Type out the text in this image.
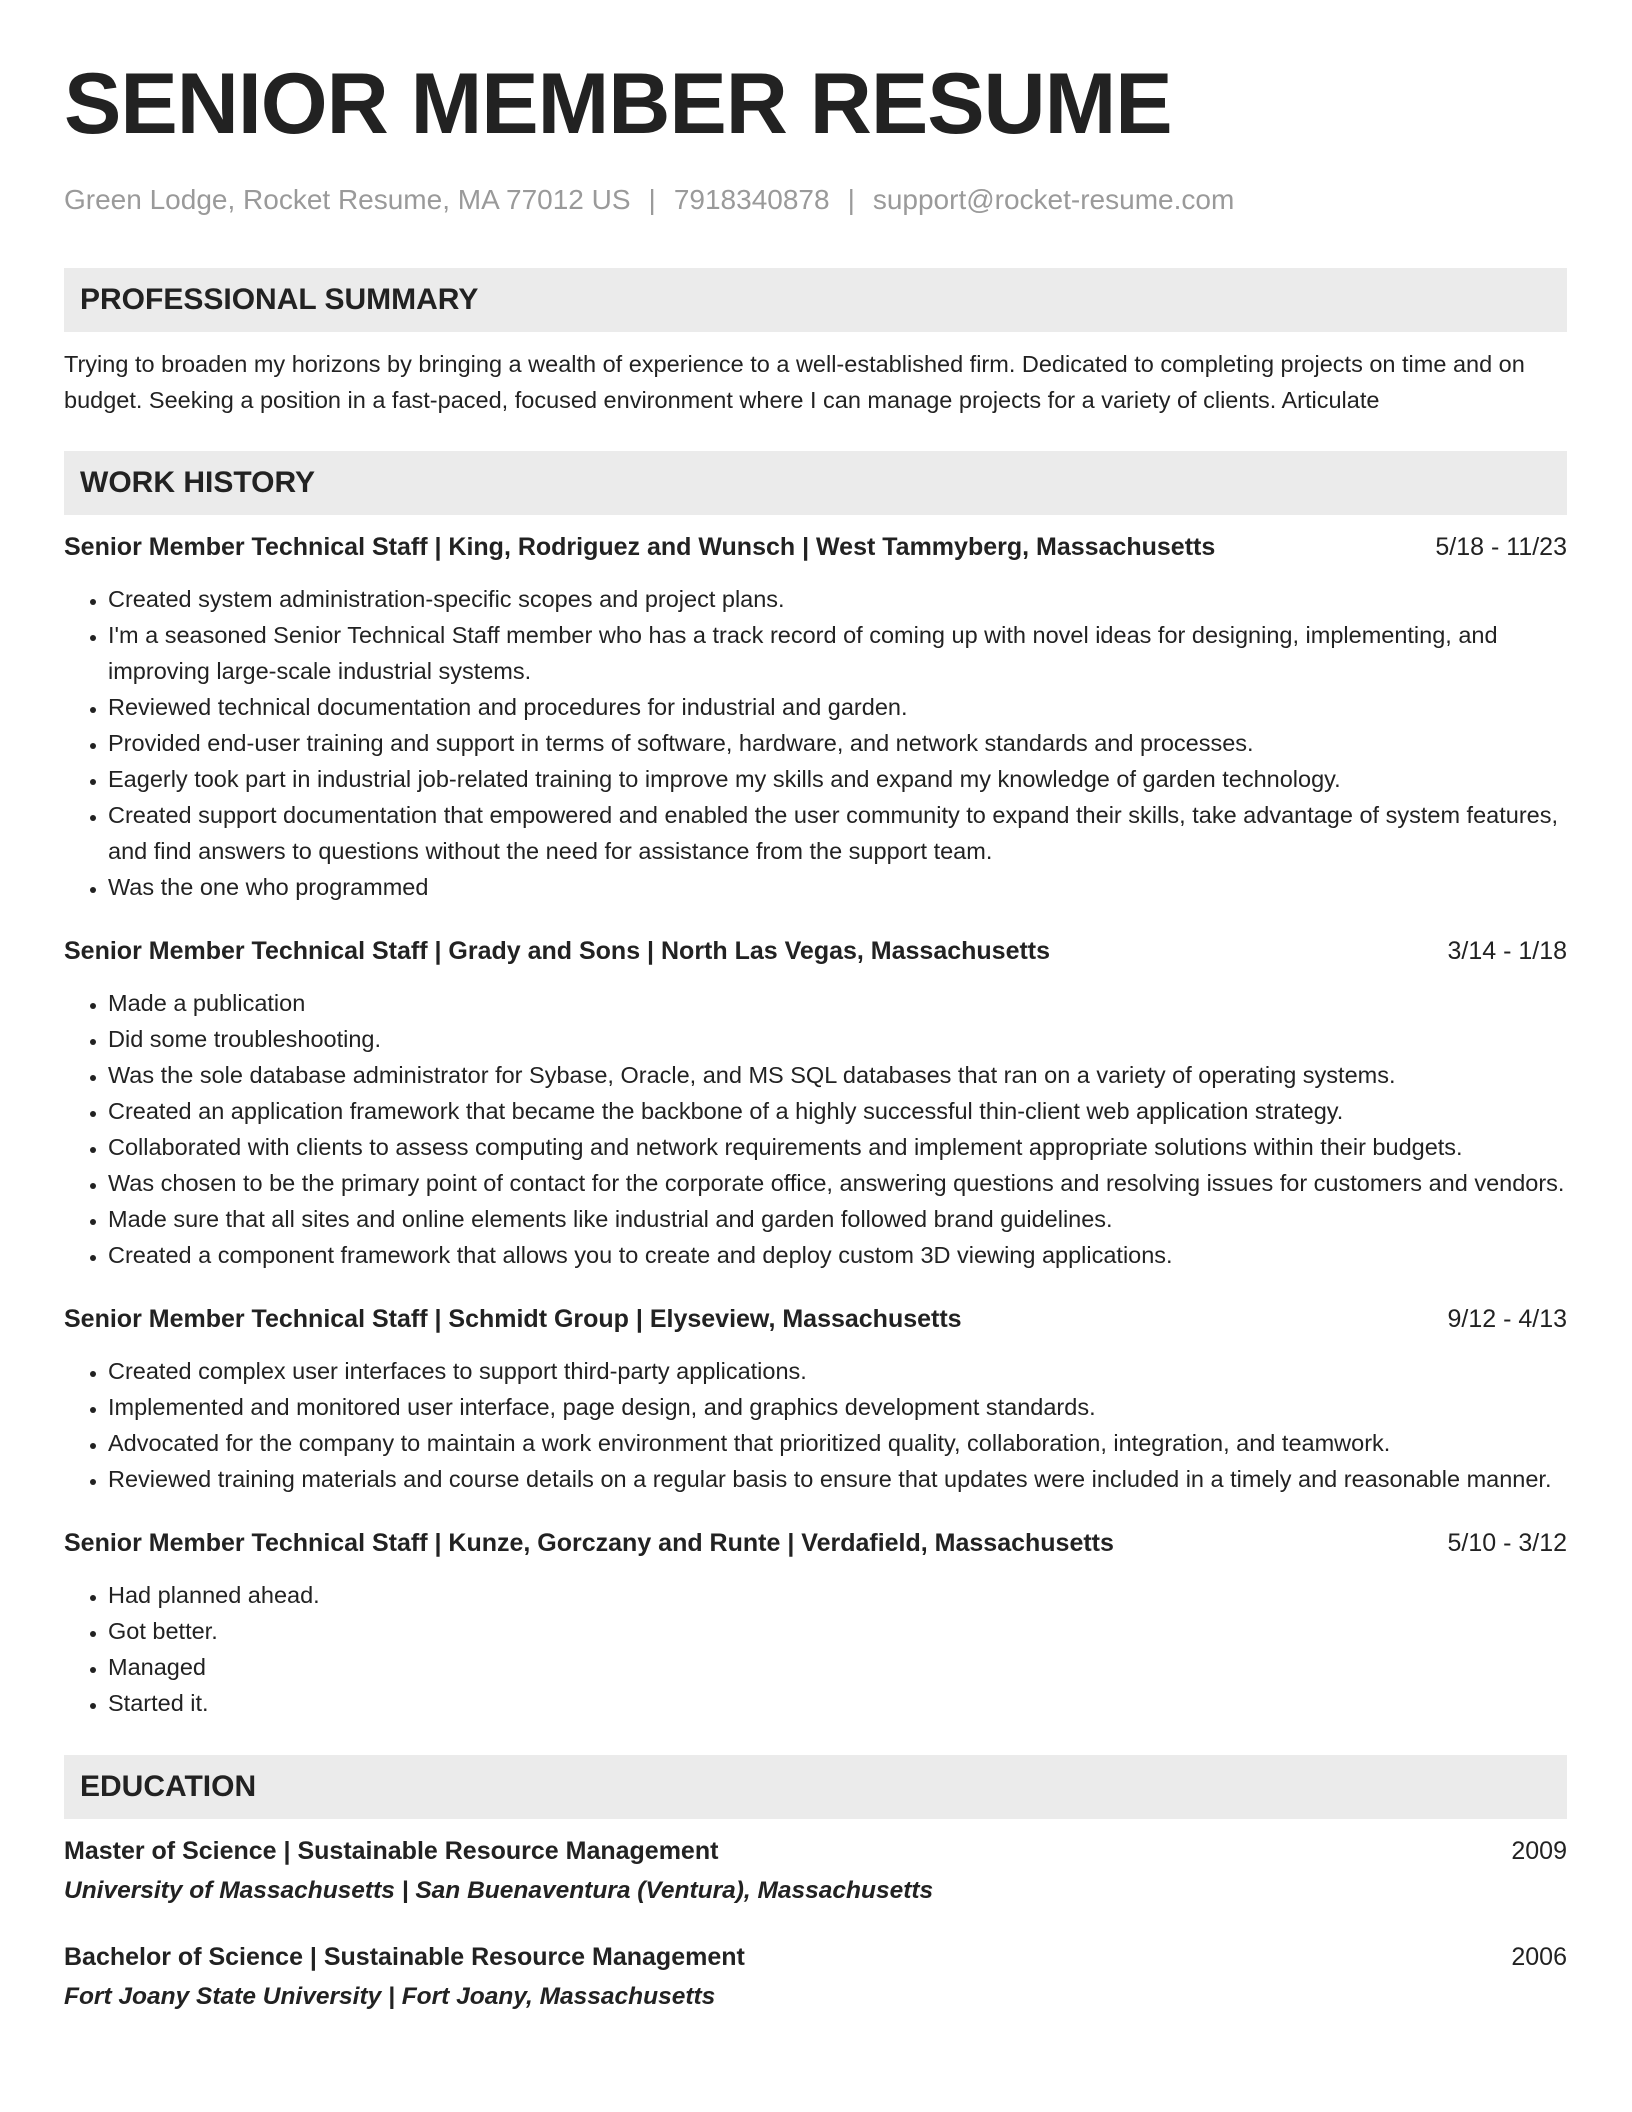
SENIOR MEMBER RESUME
Green Lodge, Rocket Resume, MA 77012 US | 7918340878 | support@rocket-resume.com
PROFESSIONAL SUMMARY
Trying to broaden my horizons by bringing a wealth of experience to a well-established firm. Dedicated to completing projects on time and on budget. Seeking a position in a fast-paced, focused environment where I can manage projects for a variety of clients. Articulate
WORK HISTORY
Senior Member Technical Staff | King, Rodriguez and Wunsch | West Tammyberg, Massachusetts	5/18 - 11/23
• Created system administration-specific scopes and project plans.
• I'm a seasoned Senior Technical Staff member who has a track record of coming up with novel ideas for designing, implementing, and improving large-scale industrial systems.
• Reviewed technical documentation and procedures for industrial and garden.
• Provided end-user training and support in terms of software, hardware, and network standards and processes.
• Eagerly took part in industrial job-related training to improve my skills and expand my knowledge of garden technology.
• Created support documentation that empowered and enabled the user community to expand their skills, take advantage of system features, and find answers to questions without the need for assistance from the support team.
• Was the one who programmed
Senior Member Technical Staff | Grady and Sons | North Las Vegas, Massachusetts	3/14 - 1/18
• Made a publication
• Did some troubleshooting.
• Was the sole database administrator for Sybase, Oracle, and MS SQL databases that ran on a variety of operating systems.
• Created an application framework that became the backbone of a highly successful thin-client web application strategy.
• Collaborated with clients to assess computing and network requirements and implement appropriate solutions within their budgets.
• Was chosen to be the primary point of contact for the corporate office, answering questions and resolving issues for customers and vendors.
• Made sure that all sites and online elements like industrial and garden followed brand guidelines.
• Created a component framework that allows you to create and deploy custom 3D viewing applications.
Senior Member Technical Staff | Schmidt Group | Elyseview, Massachusetts	9/12 - 4/13
• Created complex user interfaces to support third-party applications.
• Implemented and monitored user interface, page design, and graphics development standards.
• Advocated for the company to maintain a work environment that prioritized quality, collaboration, integration, and teamwork.
• Reviewed training materials and course details on a regular basis to ensure that updates were included in a timely and reasonable manner.
Senior Member Technical Staff | Kunze, Gorczany and Runte | Verdafield, Massachusetts	5/10 - 3/12
• Had planned ahead.
• Got better.
• Managed
• Started it.
EDUCATION
Master of Science | Sustainable Resource Management	2009
University of Massachusetts | San Buenaventura (Ventura), Massachusetts
Bachelor of Science | Sustainable Resource Management	2006
Fort Joany State University | Fort Joany, Massachusetts
